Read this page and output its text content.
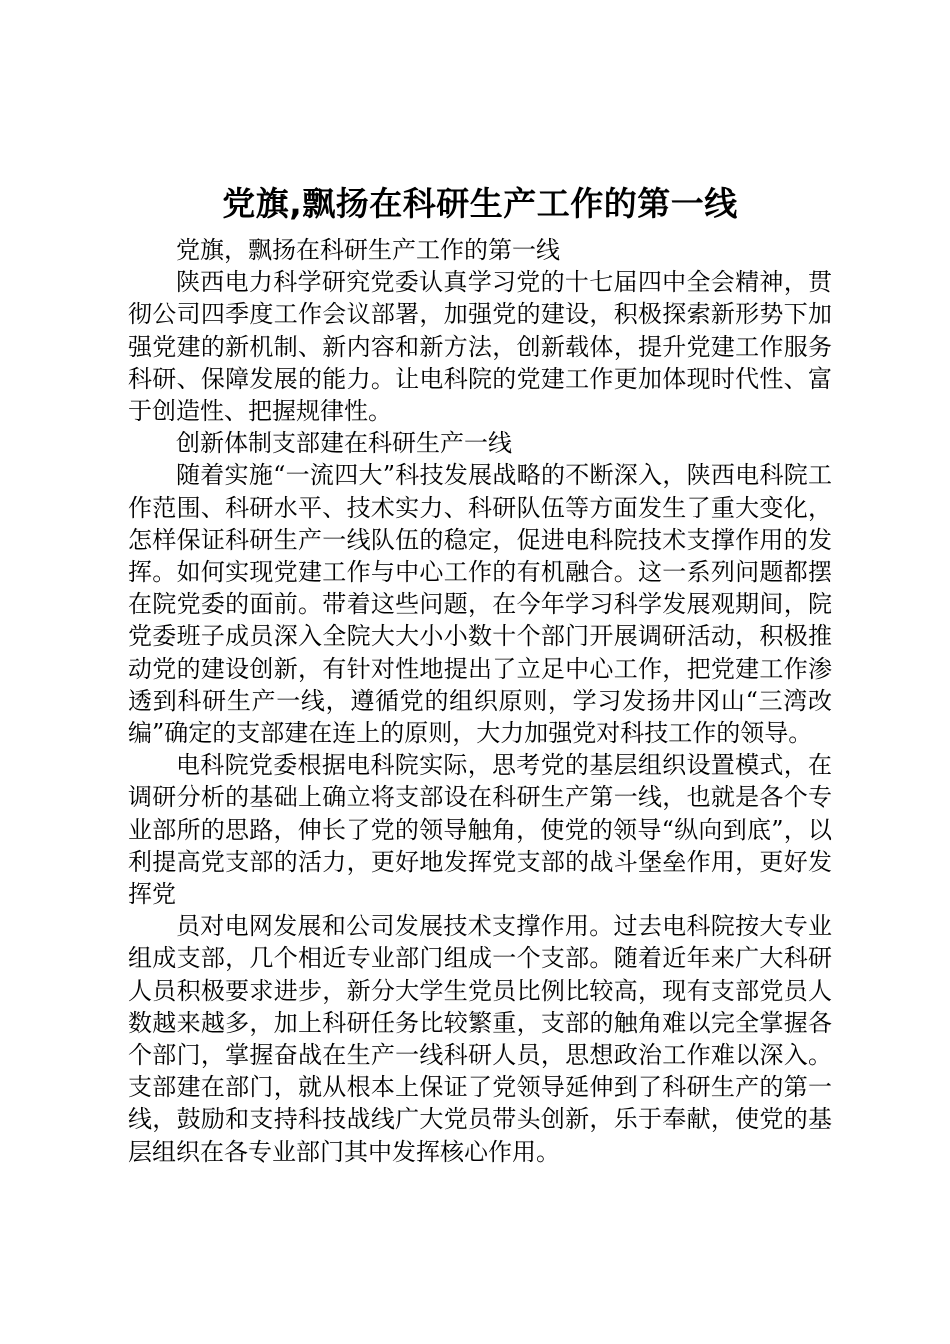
党旗,飘扬在科研生产工作的第一线

党旗，飘扬在科研生产工作的第一线

陕西电力科学研究党委认真学习党的十七届四中全会精神，贯彻公司四季度工作会议部署，加强党的建设，积极探索新形势下加强党建的新机制、新内容和新方法，创新载体，提升党建工作服务科研、保障发展的能力。让电科院的党建工作更加体现时代性、富于创造性、把握规律性。

创新体制支部建在科研生产一线

随着实施“一流四大”科技发展战略的不断深入，陕西电科院工作范围、科研水平、技术实力、科研队伍等方面发生了重大变化，怎样保证科研生产一线队伍的稳定，促进电科院技术支撑作用的发挥。如何实现党建工作与中心工作的有机融合。这一系列问题都摆在院党委的面前。带着这些问题，在今年学习科学发展观期间，院党委班子成员深入全院大大小小数十个部门开展调研活动，积极推动党的建设创新，有针对性地提出了立足中心工作，把党建工作渗透到科研生产一线，遵循党的组织原则，学习发扬井冈山“三湾改编”确定的支部建在连上的原则，大力加强党对科技工作的领导。

电科院党委根据电科院实际，思考党的基层组织设置模式，在调研分析的基础上确立将支部设在科研生产第一线，也就是各个专业部所的思路，伸长了党的领导触角，使党的领导“纵向到底”，以利提高党支部的活力，更好地发挥党支部的战斗堡垒作用，更好发挥党

员对电网发展和公司发展技术支撑作用。过去电科院按大专业组成支部，几个相近专业部门组成一个支部。随着近年来广大科研人员积极要求进步，新分大学生党员比例比较高，现有支部党员人数越来越多，加上科研任务比较繁重，支部的触角难以完全掌握各个部门，掌握奋战在生产一线科研人员，思想政治工作难以深入。支部建在部门，就从根本上保证了党领导延伸到了科研生产的第一线，鼓励和支持科技战线广大党员带头创新，乐于奉献，使党的基层组织在各专业部门其中发挥核心作用。
